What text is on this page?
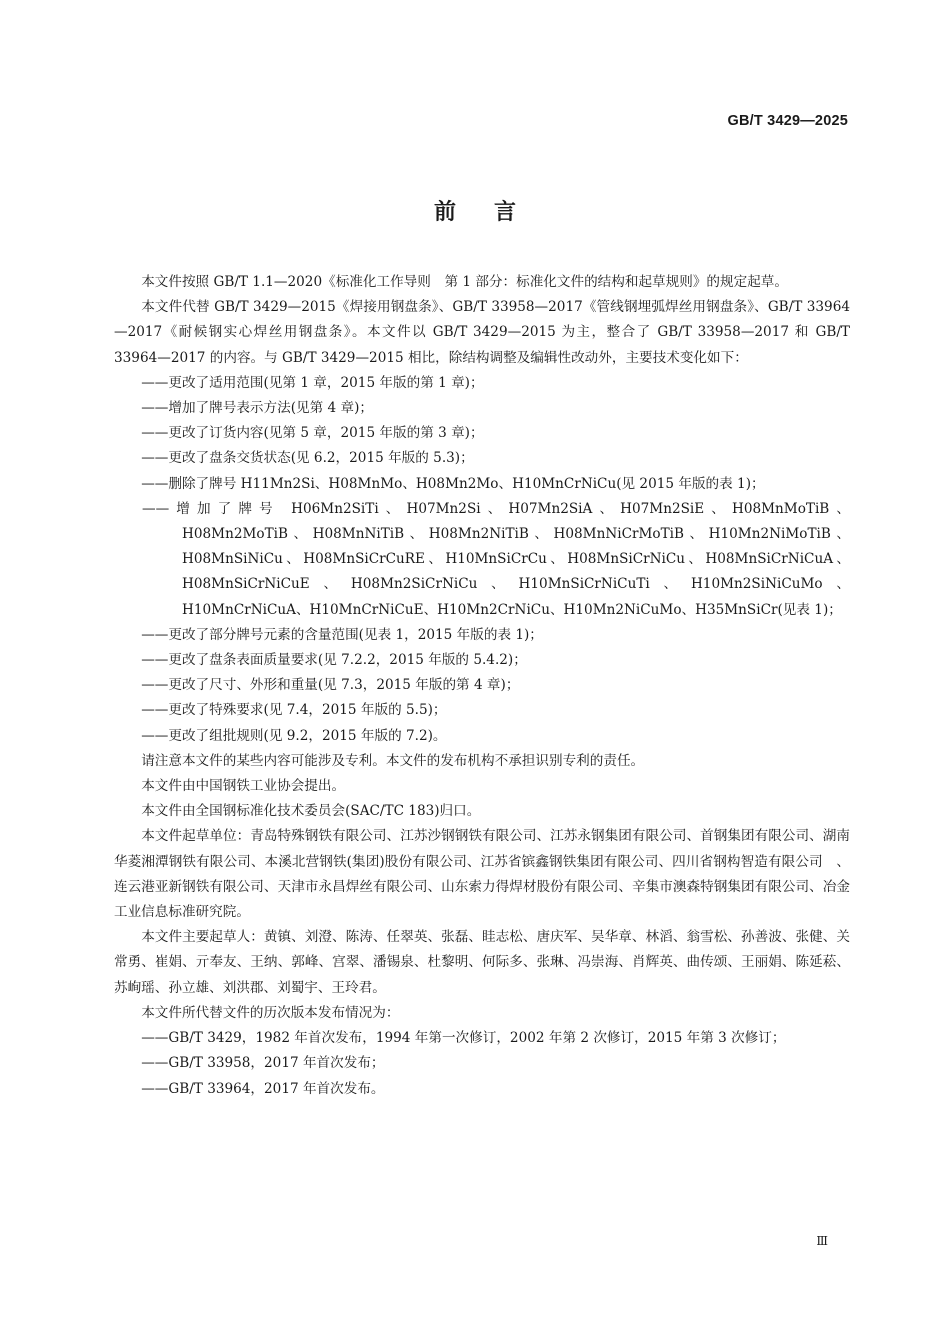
GB/T 3429—2025
前言

本文件按照 GB/T 1.1—2020《标准化工作导则　第 1 部分：标准化文件的结构和起草规则》的规定起草。

本文件代替 GB/T 3429—2015《焊接用钢盘条》、GB/T 33958—2017《管线钢埋弧焊丝用钢盘条》、GB/T 33964—2017《耐候钢实心焊丝用钢盘条》。本文件以 GB/T 3429—2015 为主，整合了 GB/T 33958—2017 和 GB/T 33964—2017 的内容。与 GB/T 3429—2015 相比，除结构调整及编辑性改动外，主要技术变化如下：

——更改了适用范围(见第 1 章，2015 年版的第 1 章)；

——增加了牌号表示方法(见第 4 章)；

——更改了订货内容(见第 5 章，2015 年版的第 3 章)；

——更改了盘条交货状态(见 6.2，2015 年版的 5.3)；

——删除了牌号 H11Mn2Si、H08MnMo、H08Mn2Mo、H10MnCrNiCu(见 2015 年版的表 1)；

——增加了牌号 H06Mn2SiTi、H07Mn2Si、H07Mn2SiA、H07Mn2SiE、H08MnMoTiB、H08Mn2MoTiB、H08MnNiTiB、H08Mn2NiTiB、H08MnNiCrMoTiB、H10Mn2NiMoTiB、H08MnSiNiCu、H08MnSiCrCuRE、H10MnSiCrCu、H08MnSiCrNiCu、H08MnSiCrNiCuA、H08MnSiCrNiCuE、H08Mn2SiCrNiCu、H10MnSiCrNiCuTi、H10Mn2SiNiCuMo、
H10MnCrNiCuA、H10MnCrNiCuE、H10Mn2CrNiCu、H10Mn2NiCuMo、H35MnSiCr(见表 1)；

——更改了部分牌号元素的含量范围(见表 1，2015 年版的表 1)；

——更改了盘条表面质量要求(见 7.2.2，2015 年版的 5.4.2)；

——更改了尺寸、外形和重量(见 7.3，2015 年版的第 4 章)；

——更改了特殊要求(见 7.4，2015 年版的 5.5)；

——更改了组批规则(见 9.2，2015 年版的 7.2)。

请注意本文件的某些内容可能涉及专利。本文件的发布机构不承担识别专利的责任。

本文件由中国钢铁工业协会提出。

本文件由全国钢标准化技术委员会(SAC/TC 183)归口。

本文件起草单位：青岛特殊钢铁有限公司、江苏沙钢钢铁有限公司、江苏永钢集团有限公司、首钢集团有限公司、湖南华菱湘潭钢铁有限公司、本溪北营钢铁(集团)股份有限公司、江苏省镔鑫钢铁集团有限公司、四川省钢构智造有限公司　、连云港亚新钢铁有限公司、天津市永昌焊丝有限公司、山东索力得焊材股份有限公司、辛集市澳森特钢集团有限公司、冶金工业信息标准研究院。

本文件主要起草人：黄镇、刘澄、陈涛、任翠英、张磊、眭志松、唐庆军、吴华章、林滔、翁雪松、孙善波、张健、关常勇、崔娟、亓奉友、王纳、郭峰、宫翠、潘锡泉、杜黎明、何际多、张琳、冯崇海、肖辉英、曲传颂、王丽娟、陈延菘、苏峋瑶、孙立雄、刘洪郡、刘蜀宇、王玲君。

本文件所代替文件的历次版本发布情况为：

——GB/T 3429，1982 年首次发布，1994 年第一次修订，2002 年第 2 次修订，2015 年第 3 次修订；

——GB/T 33958，2017 年首次发布；

——GB/T 33964，2017 年首次发布。

Ⅲ
